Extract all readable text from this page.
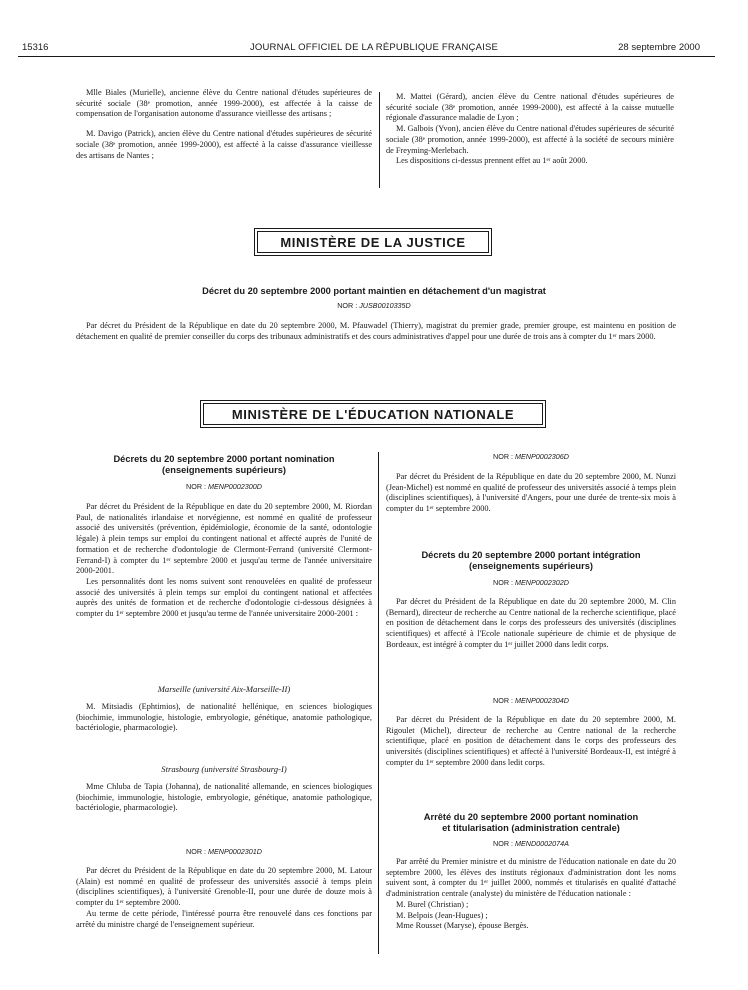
15316	JOURNAL OFFICIEL DE LA RÉPUBLIQUE FRANÇAISE	28 septembre 2000

Mlle Biales (Murielle), ancienne élève du Centre national d'études supérieures de sécurité sociale (38ᵉ promotion, année 1999-2000), est affectée à la caisse de compensation de l'organisation autonome d'assurance vieillesse des artisans ;

M. Davigo (Patrick), ancien élève du Centre national d'études supérieures de sécurité sociale (38ᵉ promotion, année 1999-2000), est affecté à la caisse d'assurance vieillesse des artisans de Nantes ;

M. Mattei (Gérard), ancien élève du Centre national d'études supérieures de sécurité sociale (38ᵉ promotion, année 1999-2000), est affecté à la caisse mutuelle régionale d'assurance maladie de Lyon ;

M. Galbois (Yvon), ancien élève du Centre national d'études supérieures de sécurité sociale (38ᵉ promotion, année 1999-2000), est affecté à la société de secours minière de Freyming-Merlebach.

Les dispositions ci-dessus prennent effet au 1ᵉʳ août 2000.

MINISTÈRE DE LA JUSTICE
Décret du 20 septembre 2000 portant maintien en détachement d'un magistrat
NOR : JUSB0010335D

Par décret du Président de la République en date du 20 septembre 2000, M. Pfauwadel (Thierry), magistrat du premier grade, premier groupe, est maintenu en position de détachement en qualité de premier conseiller du corps des tribunaux administratifs et des cours administratives d'appel pour une durée de trois ans à compter du 1ᵉʳ mars 2000.

MINISTÈRE DE L'ÉDUCATION NATIONALE
Décrets du 20 septembre 2000 portant nomination
(enseignements supérieurs)
NOR : MENP0002300D

Par décret du Président de la République en date du 20 septembre 2000, M. Riordan Paul, de nationalités irlandaise et norvégienne, est nommé en qualité de professeur associé des universités (prévention, épidémiologie, économie de la santé, odontologie légale) à plein temps sur emploi du contingent national et affecté auprès de l'unité de formation et de recherche d'odontologie de Clermont-Ferrand (université Clermont-Ferrand-I) à compter du 1ᵉʳ septembre 2000 et jusqu'au terme de l'année universitaire 2000-2001.

Les personnalités dont les noms suivent sont renouvelées en qualité de professeur associé des universités à plein temps sur emploi du contingent national et affectées auprès des unités de formation et de recherche d'odontologie ci-dessous désignées à compter du 1ᵉʳ septembre 2000 et jusqu'au terme de l'année universitaire 2000-2001 :

Marseille (université Aix-Marseille-II)

M. Mitsiadis (Ephtimios), de nationalité hellénique, en sciences biologiques (biochimie, immunologie, histologie, embryologie, génétique, anatomie pathologique, bactériologie, pharmacologie).

Strasbourg (université Strasbourg-I)

Mme Chluba de Tapia (Johanna), de nationalité allemande, en sciences biologiques (biochimie, immunologie, histologie, embryologie, génétique, anatomie pathologique, bactériologie, pharmacologie).

NOR : MENP0002301D

Par décret du Président de la République en date du 20 septembre 2000, M. Latour (Alain) est nommé en qualité de professeur des universités associé à temps plein (disciplines scientifiques), à l'université Grenoble-II, pour une durée de douze mois à compter du 1ᵉʳ septembre 2000.

Au terme de cette période, l'intéressé pourra être renouvelé dans ces fonctions par arrêté du ministre chargé de l'enseignement supérieur.

NOR : MENP0002306D

Par décret du Président de la République en date du 20 septembre 2000, M. Nunzi (Jean-Michel) est nommé en qualité de professeur des universités associé à temps plein (disciplines scientifiques), à l'université d'Angers, pour une durée de trente-six mois à compter du 1ᵉʳ septembre 2000.

Décrets du 20 septembre 2000 portant intégration
(enseignements supérieurs)
NOR : MENP0002302D

Par décret du Président de la République en date du 20 septembre 2000, M. Clin (Bernard), directeur de recherche au Centre national de la recherche scientifique, placé en position de détachement dans le corps des professeurs des universités (disciplines scientifiques) et affecté à l'Ecole nationale supérieure de chimie et de physique de Bordeaux, est intégré à compter du 1ᵉʳ juillet 2000 dans ledit corps.

NOR : MENP0002304D

Par décret du Président de la République en date du 20 septembre 2000, M. Rigoulet (Michel), directeur de recherche au Centre national de la recherche scientifique, placé en position de détachement dans le corps des professeurs des universités (disciplines scientifiques) et affecté à l'université Bordeaux-II, est intégré à compter du 1ᵉʳ septembre 2000 dans ledit corps.

Arrêté du 20 septembre 2000 portant nomination
et titularisation (administration centrale)
NOR : MEND0002074A

Par arrêté du Premier ministre et du ministre de l'éducation nationale en date du 20 septembre 2000, les élèves des instituts régionaux d'administration dont les noms suivent sont, à compter du 1ᵉʳ juillet 2000, nommés et titularisés en qualité d'attaché d'administration centrale (analyste) du ministère de l'éducation nationale :

M. Burel (Christian) ;

M. Belpois (Jean-Hugues) ;

Mme Rousset (Maryse), épouse Bergès.
